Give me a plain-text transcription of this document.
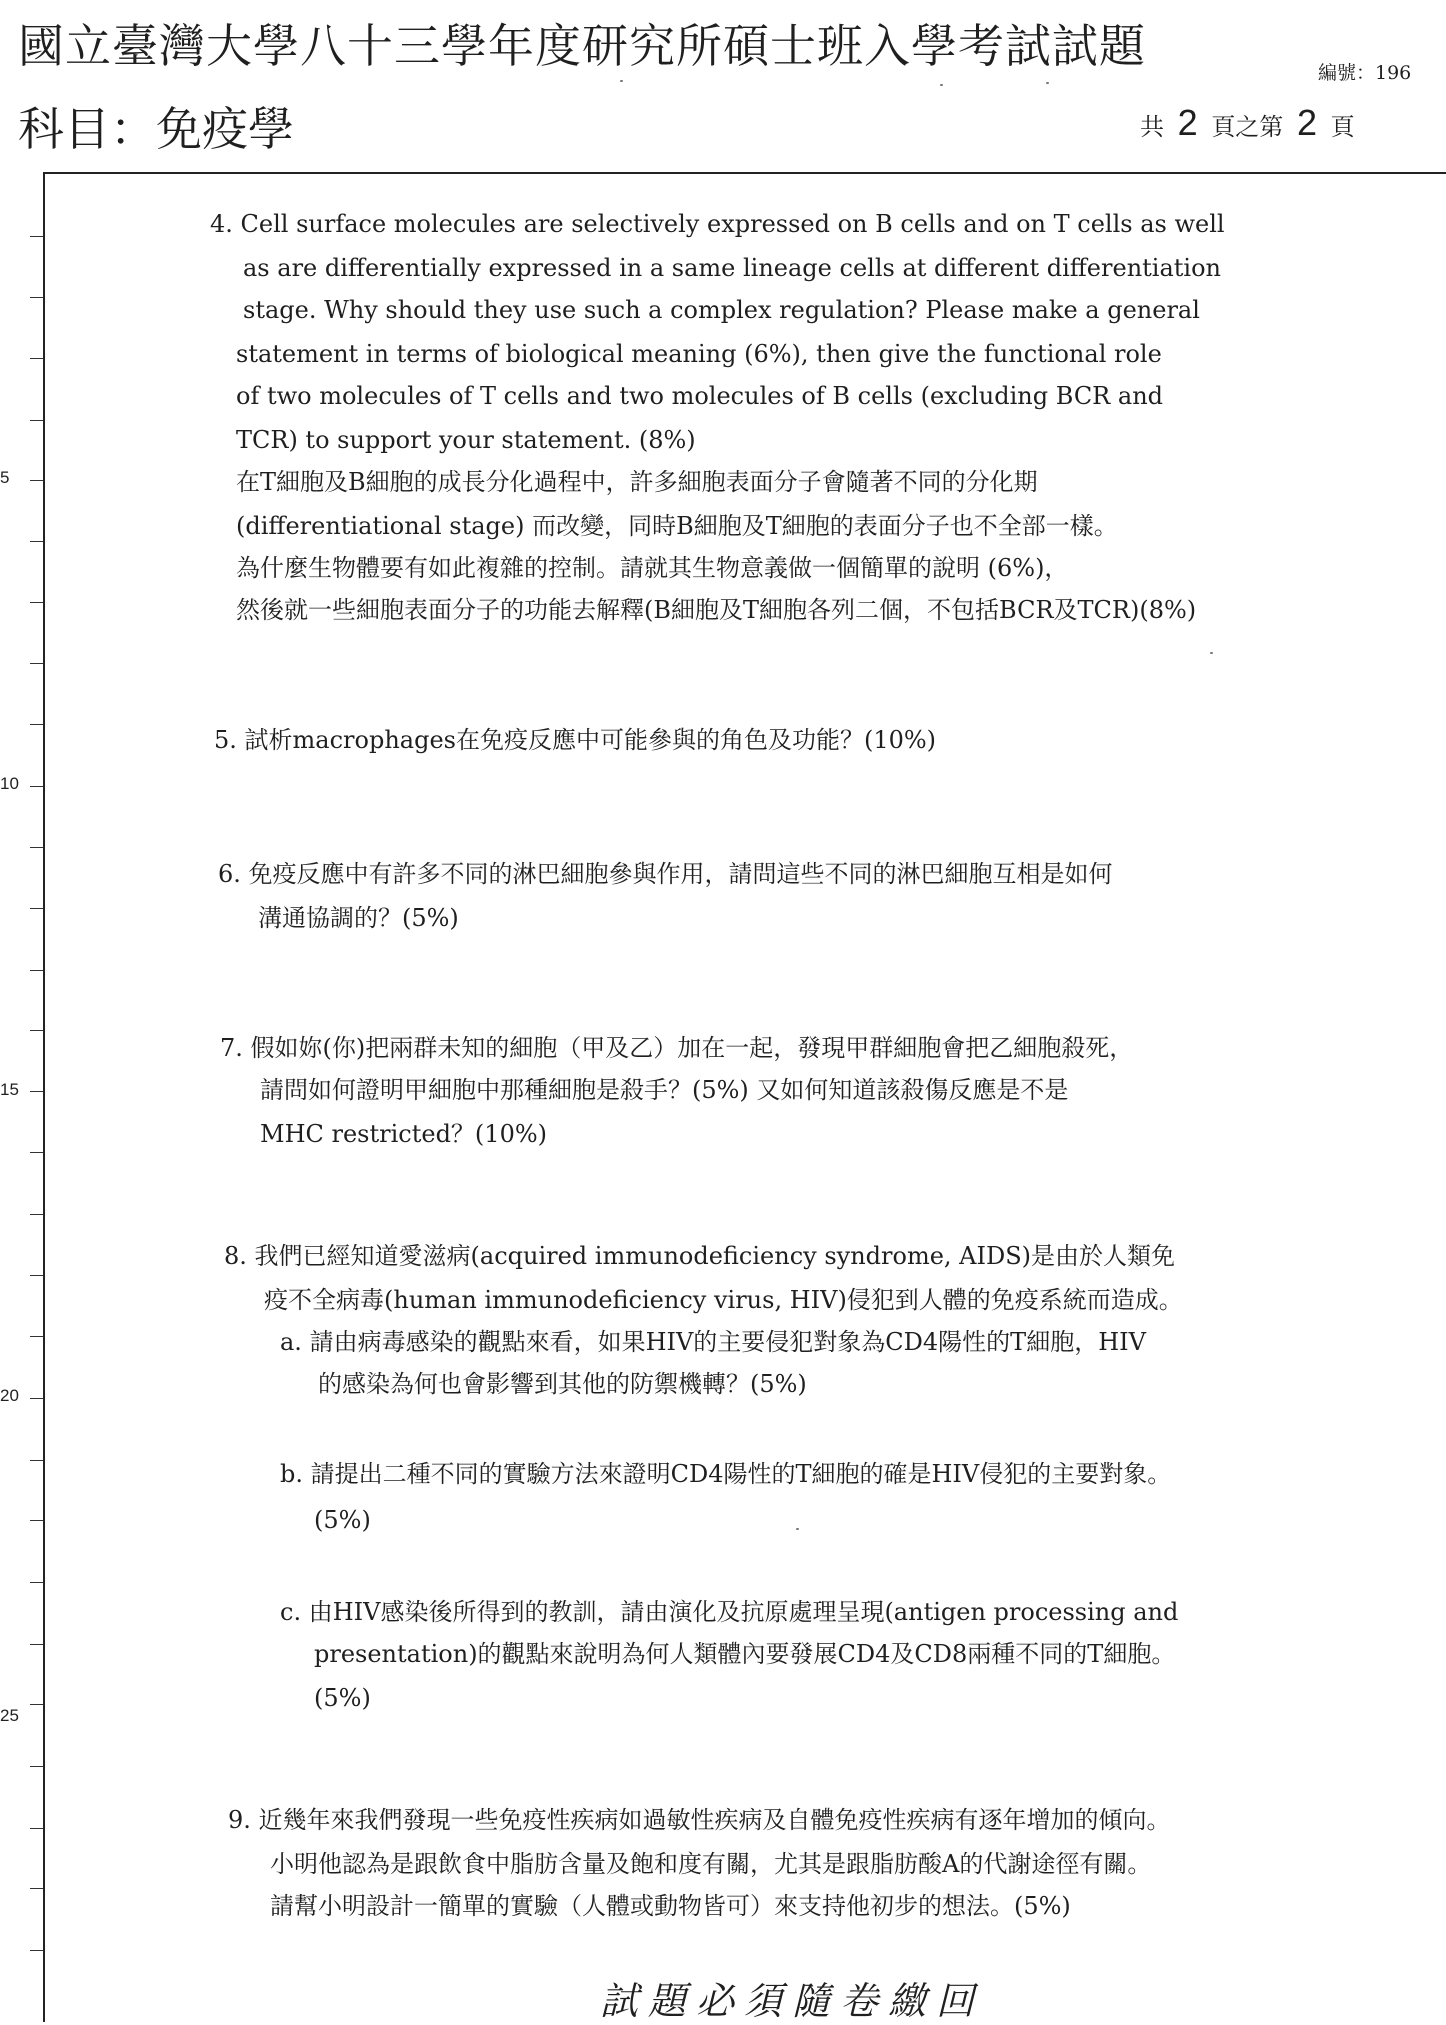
國立臺灣大學八十三學年度研究所碩士班入學考試試題	編號：196
科目：免疫學	共 2 頁之第 2 頁
5
10
15
20
25
4. Cell surface molecules are selectively expressed on B cells and on T cells as well
as are differentially expressed in a same lineage cells at different differentiation
stage. Why should they use such a complex regulation? Please make a general
statement in terms of biological meaning (6%), then give the functional role
of two molecules of T cells and two molecules of B cells (excluding BCR and
TCR) to support your statement. (8%)
在T細胞及B細胞的成長分化過程中，許多細胞表面分子會隨著不同的分化期
(differentiational stage) 而改變，同時B細胞及T細胞的表面分子也不全部一樣。
為什麼生物體要有如此複雜的控制。請就其生物意義做一個簡單的說明 (6%)，
然後就一些細胞表面分子的功能去解釋(B細胞及T細胞各列二個，不包括BCR及TCR)(8%)
5. 試析macrophages在免疫反應中可能參與的角色及功能？(10%)
6. 免疫反應中有許多不同的淋巴細胞參與作用，請問這些不同的淋巴細胞互相是如何
溝通協調的？(5%)
7. 假如妳(你)把兩群未知的細胞（甲及乙）加在一起，發現甲群細胞會把乙細胞殺死，
請問如何證明甲細胞中那種細胞是殺手？(5%) 又如何知道該殺傷反應是不是
MHC restricted？(10%)
8. 我們已經知道愛滋病(acquired immunodeficiency syndrome, AIDS)是由於人類免
疫不全病毒(human immunodeficiency virus, HIV)侵犯到人體的免疫系統而造成。
a. 請由病毒感染的觀點來看，如果HIV的主要侵犯對象為CD4陽性的T細胞，HIV
的感染為何也會影響到其他的防禦機轉？(5%)
b. 請提出二種不同的實驗方法來證明CD4陽性的T細胞的確是HIV侵犯的主要對象。
(5%)
c. 由HIV感染後所得到的教訓，請由演化及抗原處理呈現(antigen processing and
presentation)的觀點來說明為何人類體內要發展CD4及CD8兩種不同的T細胞。
(5%)
9. 近幾年來我們發現一些免疫性疾病如過敏性疾病及自體免疫性疾病有逐年增加的傾向。
小明他認為是跟飲食中脂肪含量及飽和度有關，尤其是跟脂肪酸A的代謝途徑有關。
請幫小明設計一簡單的實驗（人體或動物皆可）來支持他初步的想法。(5%)
試題必須隨卷繳回
